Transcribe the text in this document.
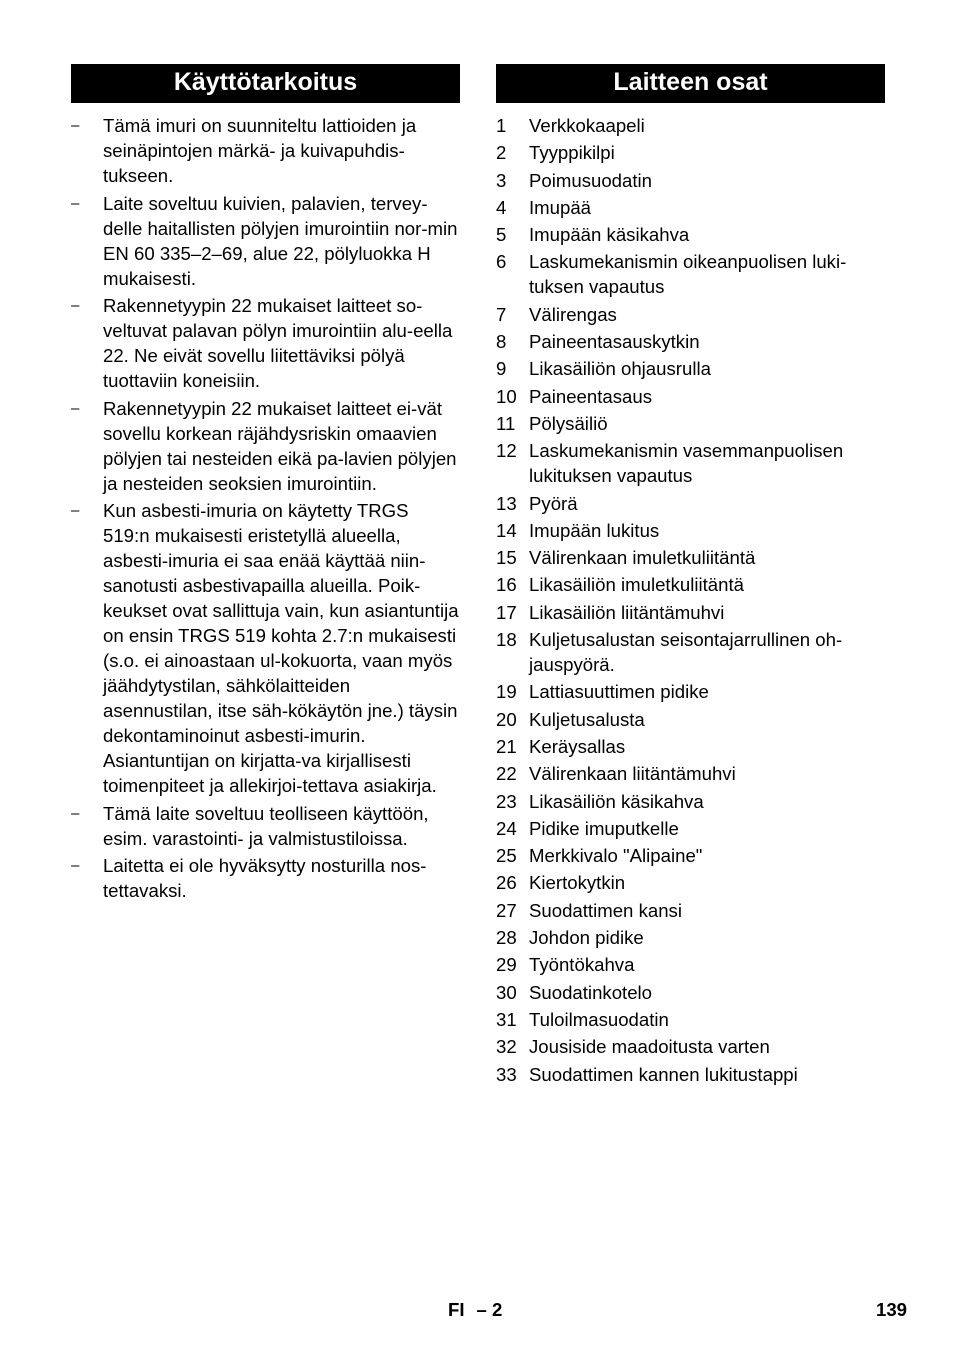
Käyttötarkoitus
– Tämä imuri on suunniteltu lattioiden ja seinäpintojen märkä- ja kuivapuhdis-tukseen.
– Laite soveltuu kuivien, palavien, tervey-delle haitallisten pölyjen imurointiin nor-min EN 60 335–2–69, alue 22, pölyluokka H mukaisesti.
– Rakennetyypin 22 mukaiset laitteet so-veltuvat palavan pölyn imurointiin alu-eella 22. Ne eivät sovellu liitettäviksi pölyä tuottaviin koneisiin.
– Rakennetyypin 22 mukaiset laitteet ei-vät sovellu korkean räjähdysriskin omaavien pölyjen tai nesteiden eikä pa-lavien pölyjen ja nesteiden seoksien imurointiin.
– Kun asbesti-imuria on käytetty TRGS 519:n mukaisesti eristetyllä alueella, asbesti-imuria ei saa enää käyttää niin-sanotusti asbestivapailla alueilla. Poik-keukset ovat sallittuja vain, kun asiantuntija on ensin TRGS 519 kohta 2.7:n mukaisesti (s.o. ei ainoastaan ul-kokuorta, vaan myös jäähdytystilan, sähkölaitteiden asennustilan, itse säh-kökäytön jne.) täysin dekontaminoinut asbesti-imurin. Asiantuntijan on kirjatta-va kirjallisesti toimenpiteet ja allekirjoi-tettava asiakirja.
– Tämä laite soveltuu teolliseen käyttöön, esim. varastointi- ja valmistustiloissa.
– Laitetta ei ole hyväksytty nosturilla nos-tettavaksi.
Laitteen osat
1 Verkkokaapeli
2 Tyyppikilpi
3 Poimusuodatin
4 Imupää
5 Imupään käsikahva
6 Laskumekanismin oikeanpuolisen luki-tuksen vapautus
7 Välirengas
8 Paineentasauskytkin
9 Likasäiliön ohjausrulla
10 Paineentasaus
11 Pölysäiliö
12 Laskumekanismin vasemmanpuolisen lukituksen vapautus
13 Pyörä
14 Imupään lukitus
15 Välirenkaan imuletkuliitäntä
16 Likasäiliön imuletkuliitäntä
17 Likasäiliön liitäntämuhvi
18 Kuljetusalustan seisontajarrullinen oh-jauspyörä.
19 Lattiasuuttimen pidike
20 Kuljetusalusta
21 Keräysallas
22 Välirenkaan liitäntämuhvi
23 Likasäiliön käsikahva
24 Pidike imuputkelle
25 Merkkivalo "Alipaine"
26 Kiertokytkin
27 Suodattimen kansi
28 Johdon pidike
29 Työntökahva
30 Suodatinkotelo
31 Tuloilmasuodatin
32 Jousiside maadoitusta varten
33 Suodattimen kannen lukitustappi
FI – 2	139
